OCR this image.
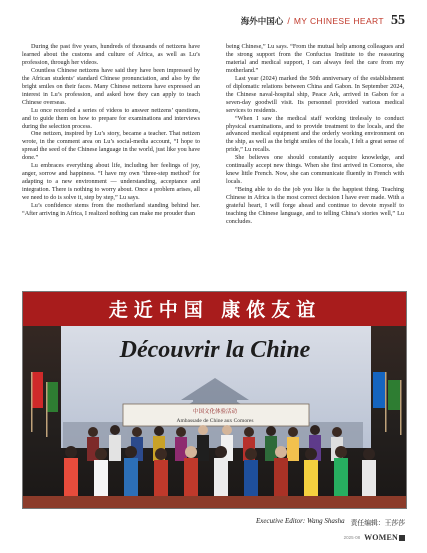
海外中国心 / MY CHINESE HEART 55

During the past five years, hundreds of thousands of netizens have learned about the customs and culture of Africa, as well as Lu’s profession, through her videos.

Countless Chinese netizens have said they have been impressed by the African students’ standard Chinese pronunciation, and also by the bright smiles on their faces. Many Chinese netizens have expressed an interest in Lu’s profession, and asked how they can apply to teach Chinese overseas.

Lu once recorded a series of videos to answer netizens’ questions, and to guide them on how to prepare for examinations and interviews during the selection process.

One netizen, inspired by Lu’s story, became a teacher. That netizen wrote, in the comment area on Lu’s social-media account, “I hope to spread the seed of the Chinese language in the world, just like you have done.”

Lu embraces everything about life, including her feelings of joy, anger, sorrow and happiness. “I have my own ‘three-step method’ for adapting to a new environment — understanding, acceptance and integration. There is nothing to worry about. Once a problem arises, all we need to do is solve it, step by step,” Lu says.

Lu’s confidence stems from the motherland standing behind her. “After arriving in Africa, I realized nothing can make me prouder than

being Chinese,” Lu says. “From the mutual help among colleagues and the strong support from the Confucius Institute to the reassuring material and medical support, I can always feel the care from my motherland.”

Last year (2024) marked the 50th anniversary of the establishment of diplomatic relations between China and Gabon. In September 2024, the Chinese naval-hospital ship, Peace Ark, arrived in Gabon for a seven-day goodwill visit. Its personnel provided various medical services to residents.

“When I saw the medical staff working tirelessly to conduct physical examinations, and to provide treatment to the locals, and the advanced medical equipment and the orderly working environment on the ship, as well as the bright smiles of the locals, I felt a great sense of pride,” Lu recalls.

She believes one should constantly acquire knowledge, and continually accept new things. When she first arrived in Comoros, she knew little French. Now, she can communicate fluently in French with locals.

“Being able to do the job you like is the happiest thing. Teaching Chinese in Africa is the most correct decision I have ever made. With a grateful heart, I will forge ahead and continue to devote myself to teaching the Chinese language, and to telling China’s stories well,” Lu concludes.

走近中国 康侬友谊
Découvrir la Chine
中国文化体验活动
Ambassade de Chine aux Comores
Executive Editor: Wang Shasha 责任编辑：王莎莎
2025·08 WOMEN
